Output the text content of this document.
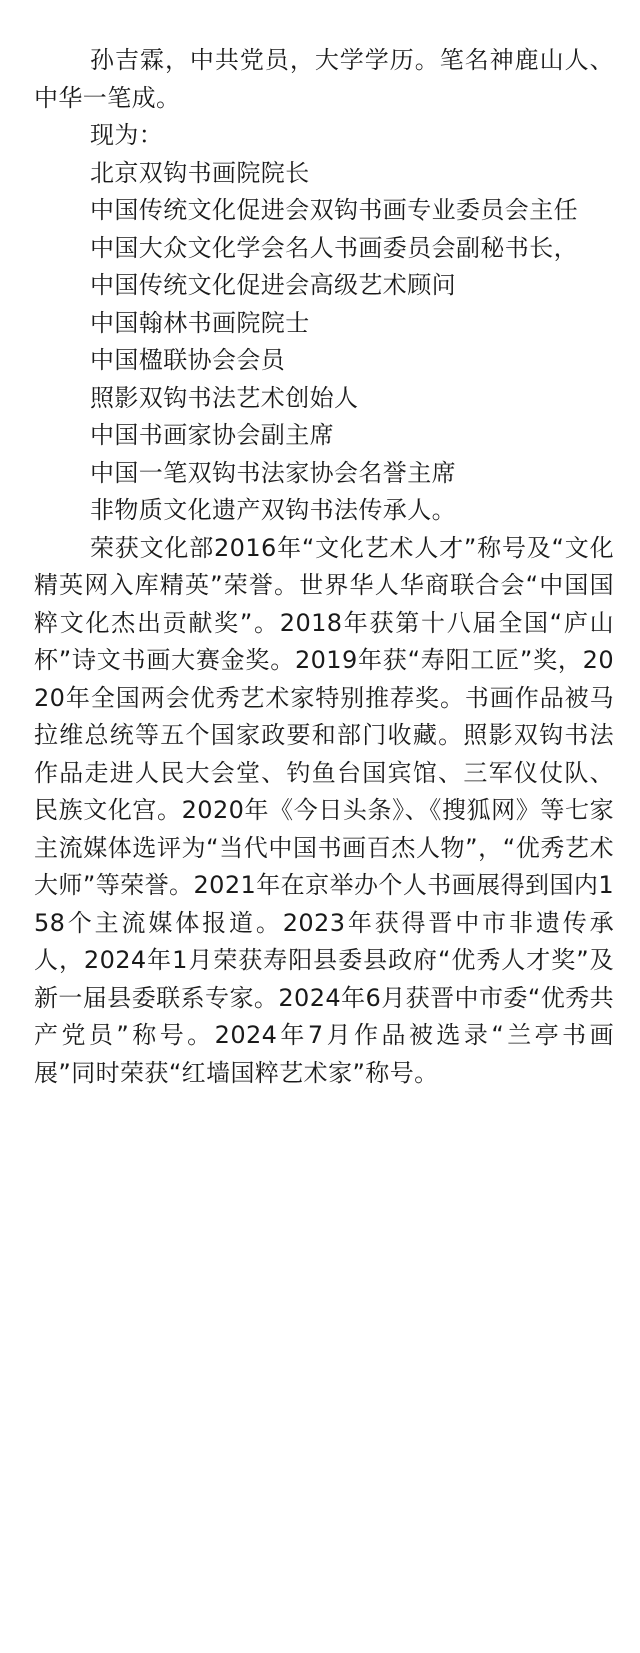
孙吉霖，中共党员，大学学历。笔名神鹿山人、中华一笔成。

现为：

北京双钩书画院院长

中国传统文化促进会双钩书画专业委员会主任

中国大众文化学会名人书画委员会副秘书长，

中国传统文化促进会高级艺术顾问

中国翰林书画院院士

中国楹联协会会员

照影双钩书法艺术创始人

中国书画家协会副主席

中国一笔双钩书法家协会名誉主席

非物质文化遗产双钩书法传承人。

荣获文化部2016年“文化艺术人才”称号及“文化精英网入库精英”荣誉。世界华人华商联合会“中国国粹文化杰出贡献奖”。2018年获第十八届全国“庐山杯”诗文书画大赛金奖。2019年获“寿阳工匠”奖，2020年全国两会优秀艺术家特别推荐奖。书画作品被马拉维总统等五个国家政要和部门收藏。照影双钩书法作品走进人民大会堂、钓鱼台国宾馆、三军仪仗队、民族文化宫。2020年《今日头条》、《搜狐网》等七家主流媒体选评为“当代中国书画百杰人物”，“优秀艺术大师”等荣誉。2021年在京举办个人书画展得到国内158个主流媒体报道。2023年获得晋中市非遗传承人，2024年1月荣获寿阳县委县政府“优秀人才奖”及新一届县委联系专家。2024年6月获晋中市委“优秀共产党员”称号。2024年7月作品被选录“兰亭书画展”同时荣获“红墙国粹艺术家”称号。
